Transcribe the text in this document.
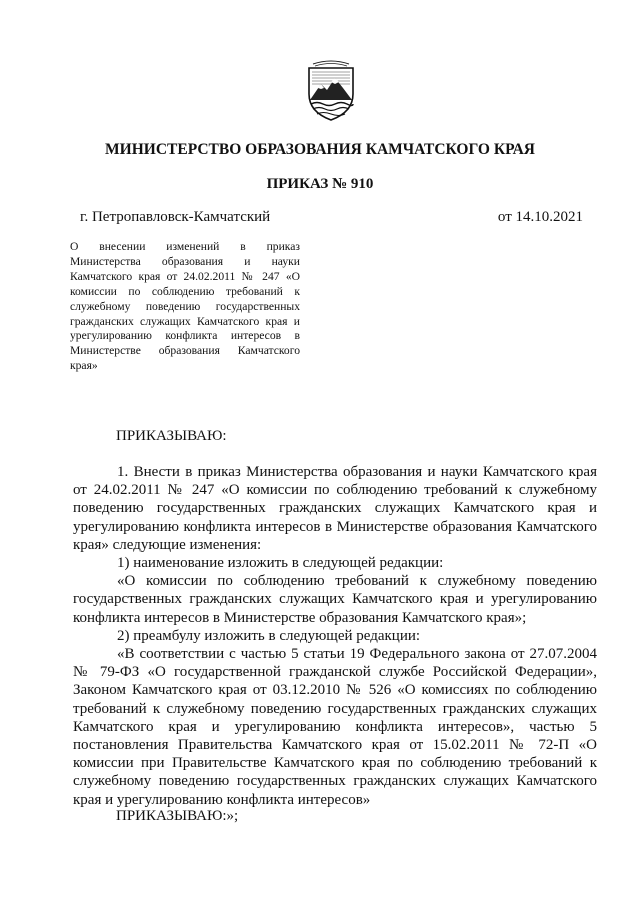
МИНИСТЕРСТВО ОБРАЗОВАНИЯ КАМЧАТСКОГО КРАЯ
ПРИКАЗ № 910
г. Петропавловск-Камчатский	от 14.10.2021
О внесении изменений в приказ Министерства образования и науки Камчатского края от 24.02.2011 № 247 «О комиссии по соблюдению требований к служебному поведению государственных гражданских служащих Камчатского края и урегулированию конфликта интересов в Министерстве образования Камчатского края»
ПРИКАЗЫВАЮ:

1. Внести в приказ Министерства образования и науки Камчатского края от 24.02.2011 № 247 «О комиссии по соблюдению требований к служебному поведению государственных гражданских служащих Камчатского края и урегулированию конфликта интересов в Министерстве образования Камчатского края» следующие изменения:

1) наименование изложить в следующей редакции:

«О комиссии по соблюдению требований к служебному поведению государственных гражданских служащих Камчатского края и урегулированию конфликта интересов в Министерстве образования Камчатского края»;

2) преамбулу изложить в следующей редакции:

«В соответствии с частью 5 статьи 19 Федерального закона от 27.07.2004 № 79-ФЗ «О государственной гражданской службе Российской Федерации», Законом Камчатского края от 03.12.2010 № 526 «О комиссиях по соблюдению требований к служебному поведению государственных гражданских служащих Камчатского края и урегулированию конфликта интересов», частью 5 постановления Правительства Камчатского края от 15.02.2011 № 72-П «О комиссии при Правительстве Камчатского края по соблюдению требований к служебному поведению государственных гражданских служащих Камчатского края и урегулированию конфликта интересов»

ПРИКАЗЫВАЮ:»;
